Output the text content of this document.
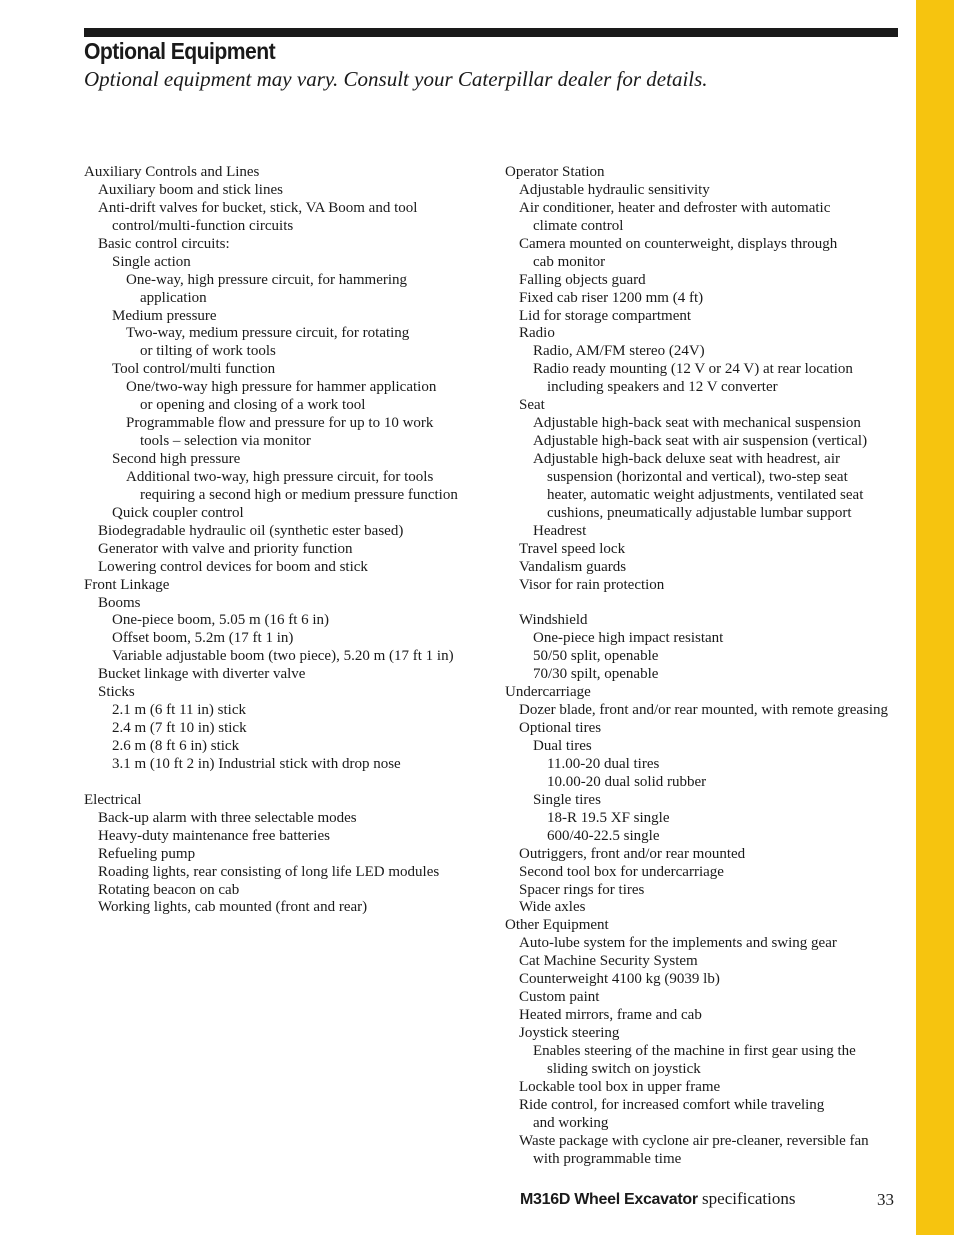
Optional Equipment
Optional equipment may vary. Consult your Caterpillar dealer for details.
Auxiliary Controls and Lines
Auxiliary boom and stick lines
Anti-drift valves for bucket, stick, VA Boom and tool
control/multi-function circuits
Basic control circuits:
Single action
One-way, high pressure circuit, for hammering
application
Medium pressure
Two-way, medium pressure circuit, for rotating
or tilting of work tools
Tool control/multi function
One/two-way high pressure for hammer application
or opening and closing of a work tool
Programmable flow and pressure for up to 10 work
tools – selection via monitor
Second high pressure
Additional two-way, high pressure circuit, for tools
requiring a second high or medium pressure function
Quick coupler control
Biodegradable hydraulic oil (synthetic ester based)
Generator with valve and priority function
Lowering control devices for boom and stick
Front Linkage
Booms
One-piece boom, 5.05 m (16 ft 6 in)
Offset boom, 5.2m (17 ft 1 in)
Variable adjustable boom (two piece), 5.20 m (17 ft 1 in)
Bucket linkage with diverter valve
Sticks
2.1 m (6 ft 11 in) stick
2.4 m (7 ft 10 in) stick
2.6 m (8 ft 6 in) stick
3.1 m (10 ft 2 in) Industrial stick with drop nose
Electrical
Back-up alarm with three selectable modes
Heavy-duty maintenance free batteries
Refueling pump
Roading lights, rear consisting of long life LED modules
Rotating beacon on cab
Working lights, cab mounted (front and rear)
Operator Station
Adjustable hydraulic sensitivity
Air conditioner, heater and defroster with automatic
climate control
Camera mounted on counterweight, displays through
cab monitor
Falling objects guard
Fixed cab riser 1200 mm (4 ft)
Lid for storage compartment
Radio
Radio, AM/FM stereo (24V)
Radio ready mounting (12 V or 24 V) at rear location
including speakers and 12 V converter
Seat
Adjustable high-back seat with mechanical suspension
Adjustable high-back seat with air suspension (vertical)
Adjustable high-back deluxe seat with headrest, air
suspension (horizontal and vertical), two-step seat
heater, automatic weight adjustments, ventilated seat
cushions, pneumatically adjustable lumbar support
Headrest
Travel speed lock
Vandalism guards
Visor for rain protection
Windshield
One-piece high impact resistant
50/50 split, openable
70/30 spilt, openable
Undercarriage
Dozer blade, front and/or rear mounted, with remote greasing
Optional tires
Dual tires
11.00-20 dual tires
10.00-20 dual solid rubber
Single tires
18-R 19.5 XF single
600/40-22.5 single
Outriggers, front and/or rear mounted
Second tool box for undercarriage
Spacer rings for tires
Wide axles
Other Equipment
Auto-lube system for the implements and swing gear
Cat Machine Security System
Counterweight 4100 kg (9039 lb)
Custom paint
Heated mirrors, frame and cab
Joystick steering
Enables steering of the machine in first gear using the
sliding switch on joystick
Lockable tool box in upper frame
Ride control, for increased comfort while traveling
and working
Waste package with cyclone air pre-cleaner, reversible fan
with programmable time
M316D Wheel Excavator specifications	33
